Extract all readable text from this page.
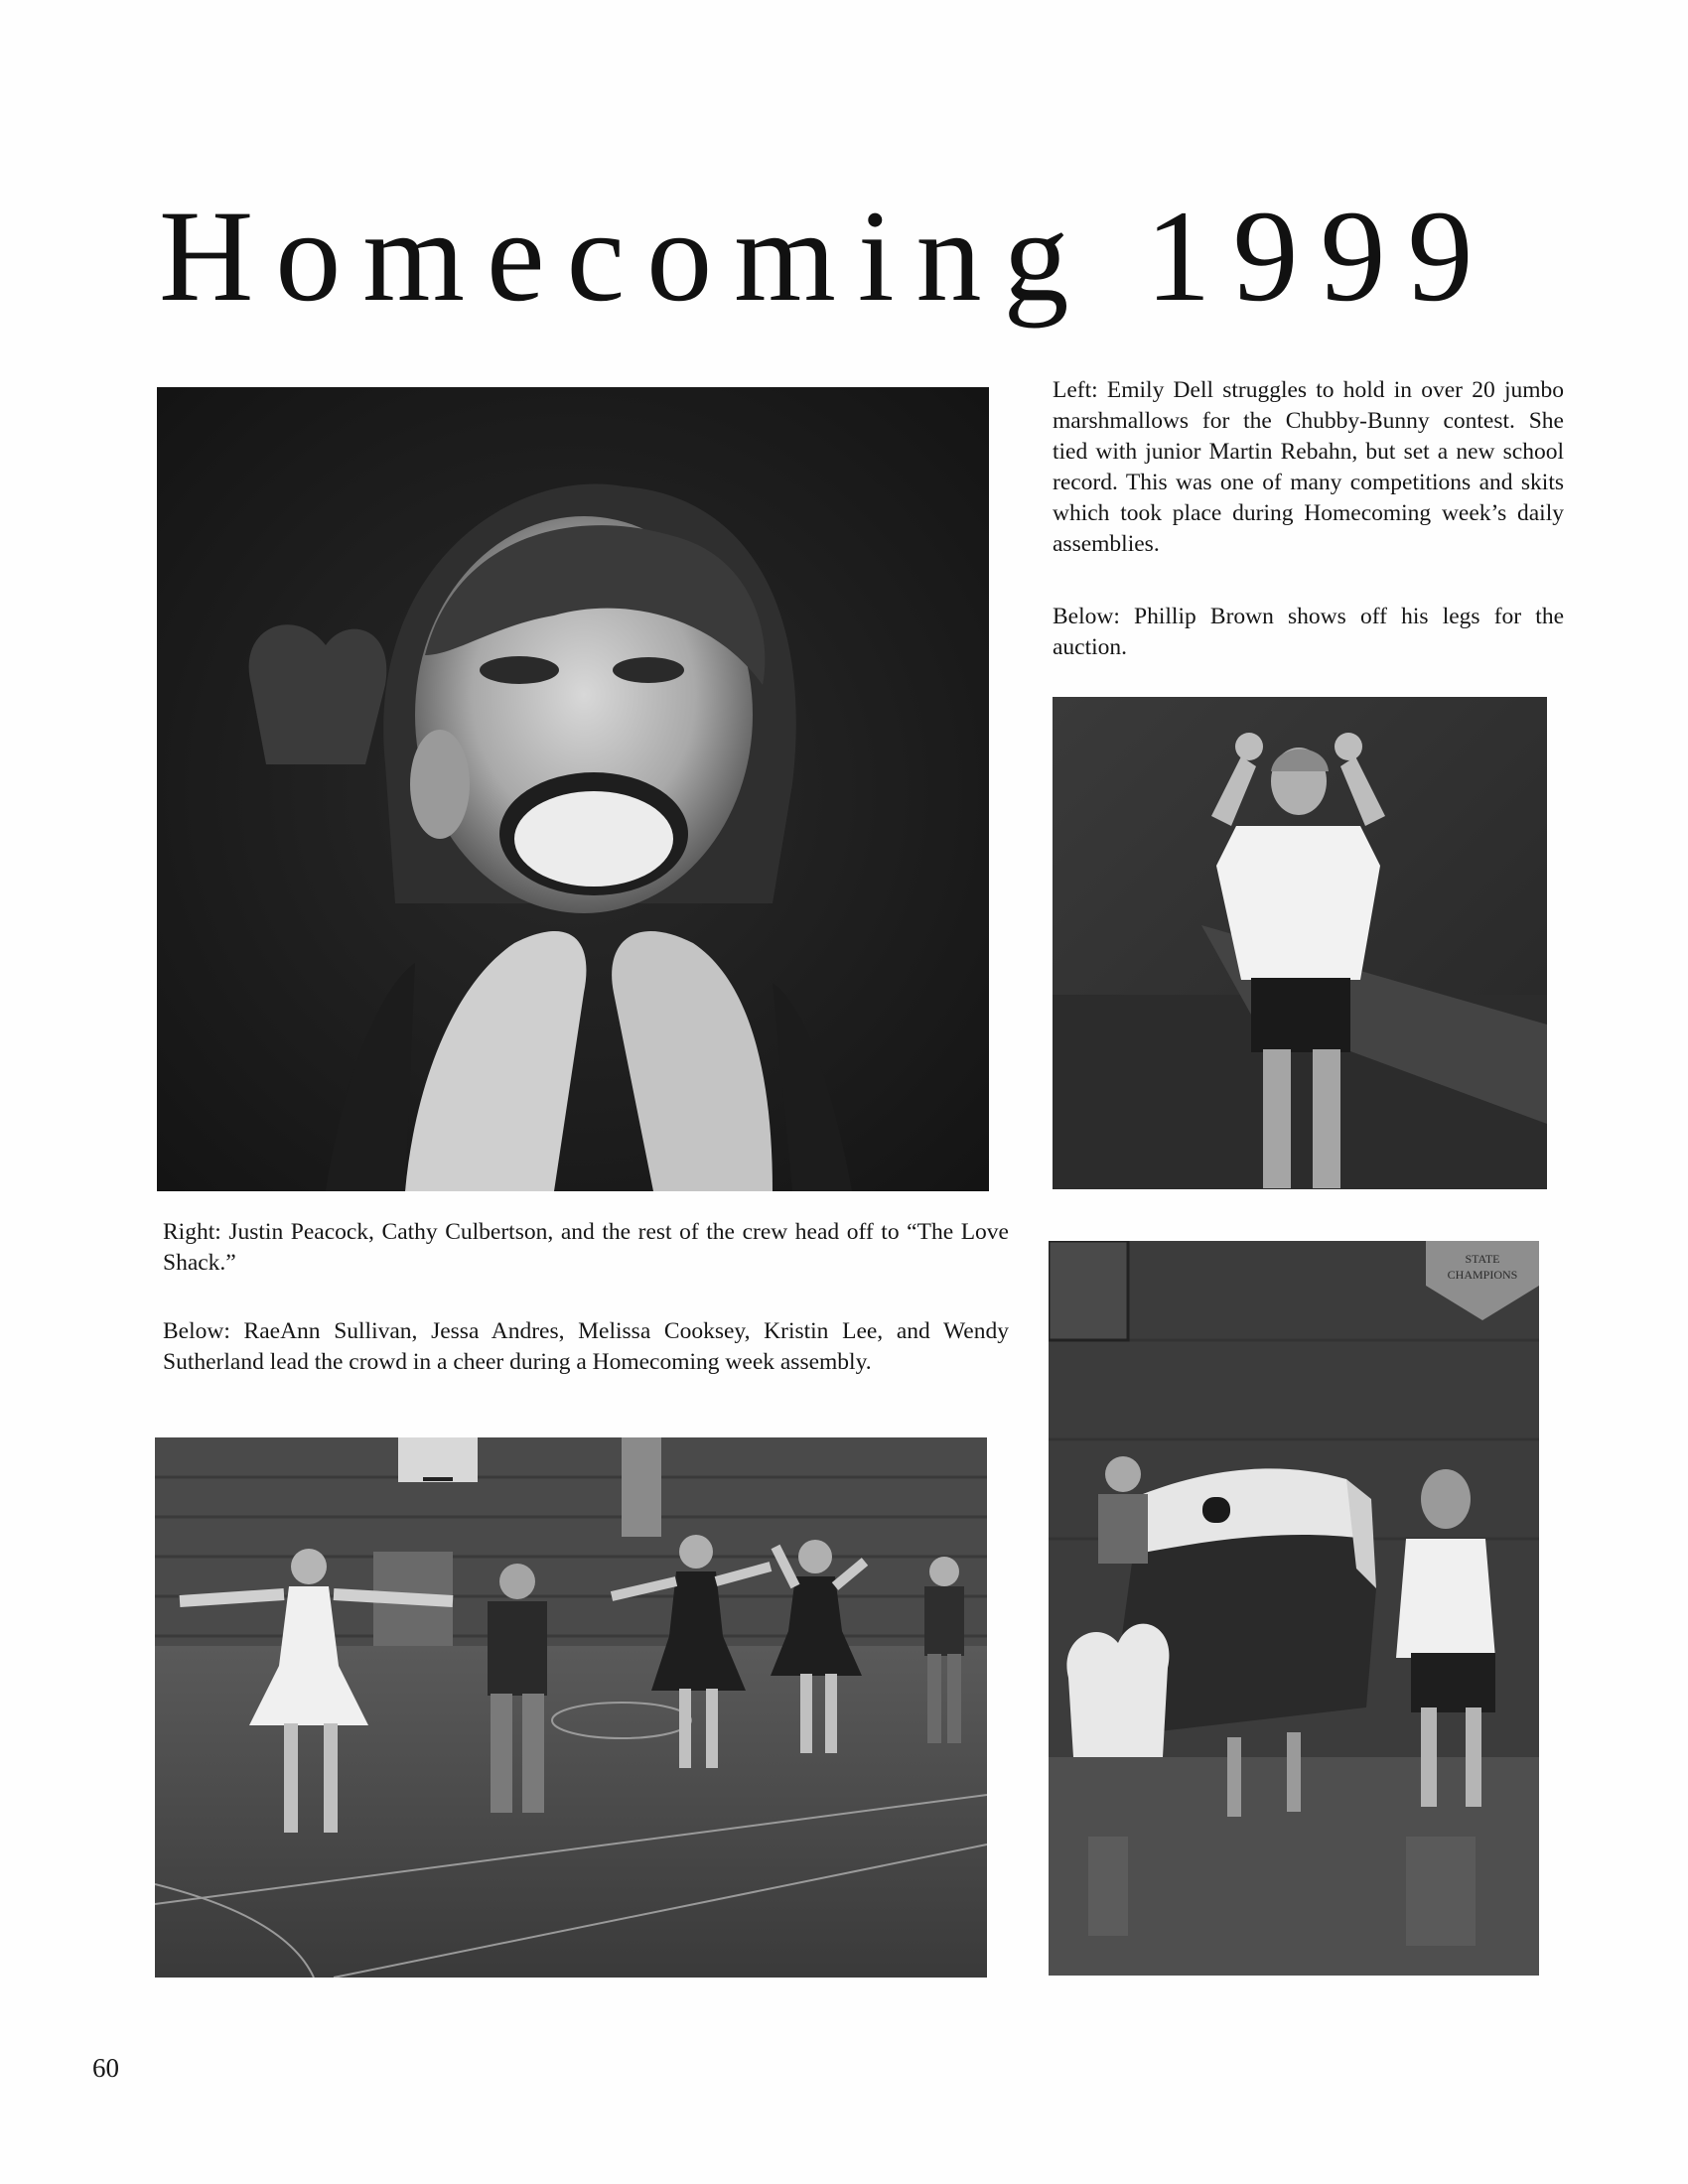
Homecoming 1999

Left: Emily Dell struggles to hold in over 20 jumbo marshmallows for the Chubby-Bunny contest. She tied with junior Martin Rebahn, but set a new school record. This was one of many competitions and skits which took place during Homecoming week’s daily assemblies.

Below: Phillip Brown shows off his legs for the auction.

Right: Justin Peacock, Cathy Culbertson, and the rest of the crew head off to “The Love Shack.”

Below: RaeAnn Sullivan, Jessa Andres, Melissa Cooksey, Kristin Lee, and Wendy Sutherland lead the crowd in a cheer during a Homecoming week assembly.

STATE
CHAMPIONS
60
